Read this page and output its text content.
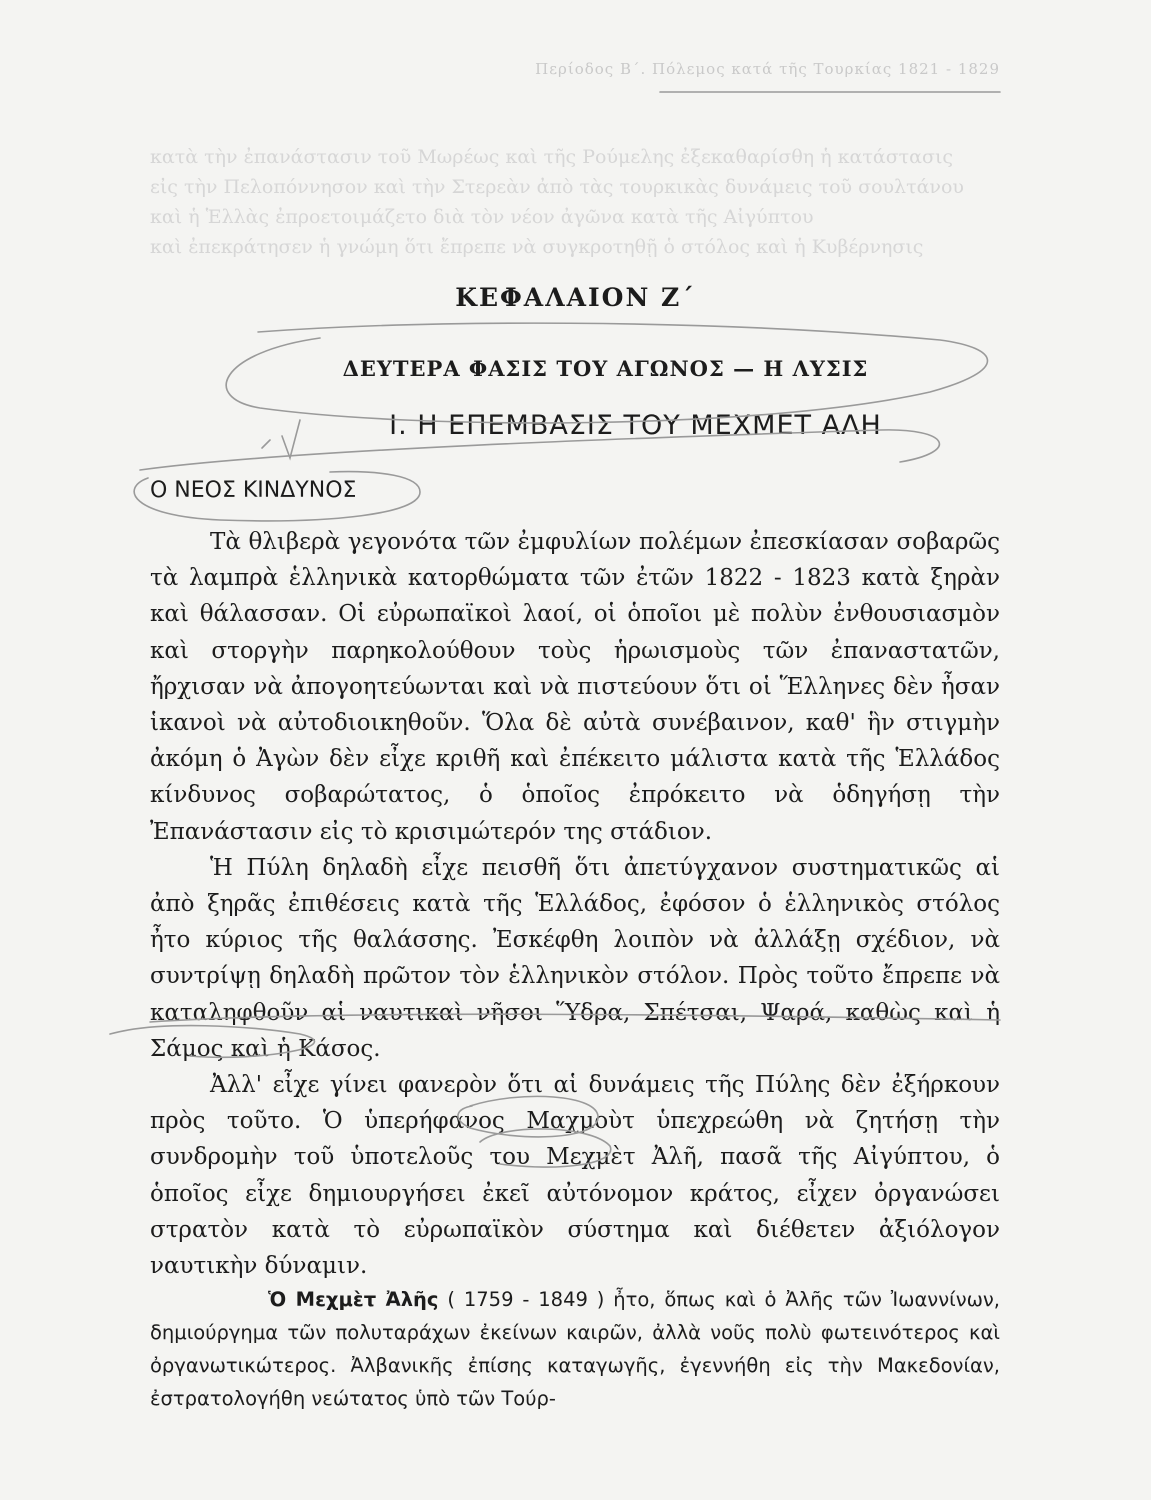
Περίοδος Β΄. Πόλεμος κατά τῆς Τουρκίας 1821 - 1829
κατὰ τὴν ἐπανάστασιν τοῦ Μωρέως καὶ τῆς Ρούμελης ἐξεκαθαρίσθη ἡ κατάστασις
εἰς τὴν Πελοπόννησον καὶ τὴν Στερεὰν ἀπὸ τὰς τουρκικὰς δυνάμεις τοῦ σουλτάνου
καὶ ἡ Ἑλλὰς ἐπροετοιμάζετο διὰ τὸν νέον ἀγῶνα κατὰ τῆς Αἰγύπτου
καὶ ἐπεκράτησεν ἡ γνώμη ὅτι ἔπρεπε νὰ συγκροτηθῇ ὁ στόλος καὶ ἡ Κυβέρνησις
ΚΕΦΑΛΑΙΟΝ Ζ΄
ΔΕΥΤΕΡΑ ΦΑΣΙΣ ΤΟΥ ΑΓΩΝΟΣ — Η ΛΥΣΙΣ
Ι. Η ΕΠΕΜΒΑΣΙΣ ΤΟΥ ΜΕΧΜΕΤ ΑΛΗ
Ο ΝΕΟΣ ΚΙΝΔΥΝΟΣ

Τὰ θλιβερὰ γεγονότα τῶν ἐμφυλίων πολέμων ἐπεσκίασαν σοβαρῶς τὰ λαμπρὰ ἑλληνικὰ κατορθώματα τῶν ἐτῶν 1822 - 1823 κατὰ ξηρὰν καὶ θάλασσαν. Οἱ εὐρωπαϊκοὶ λαοί, οἱ ὁποῖοι μὲ πολὺν ἐνθουσιασμὸν καὶ στοργὴν παρηκολούθουν τοὺς ἡρωισμοὺς τῶν ἐπαναστατῶν, ἤρχισαν νὰ ἀπογοητεύωνται καὶ νὰ πιστεύουν ὅτι οἱ Ἕλληνες δὲν ἦσαν ἱκανοὶ νὰ αὐτοδιοικηθοῦν. Ὅλα δὲ αὐτὰ συνέβαινον, καθ' ἣν στιγμὴν ἀκόμη ὁ Ἀγὼν δὲν εἶχε κριθῆ καὶ ἐπέκειτο μάλιστα κατὰ τῆς Ἑλλάδος κίνδυνος σοβαρώτατος, ὁ ὁποῖος ἐπρόκειτο νὰ ὁδηγήσῃ τὴν Ἐπανάστασιν εἰς τὸ κρισιμώτερόν της στάδιον.

Ἡ Πύλη δηλαδὴ εἶχε πεισθῆ ὅτι ἀπετύγχανον συστηματικῶς αἱ ἀπὸ ξηρᾶς ἐπιθέσεις κατὰ τῆς Ἑλλάδος, ἐφόσον ὁ ἑλληνικὸς στόλος ἦτο κύριος τῆς θαλάσσης. Ἐσκέφθη λοιπὸν νὰ ἀλλάξῃ σχέδιον, νὰ συντρίψῃ δηλαδὴ πρῶτον τὸν ἑλληνικὸν στόλον. Πρὸς τοῦτο ἔπρεπε νὰ καταληφθοῦν αἱ ναυτικαὶ νῆσοι Ὕδρα, Σπέτσαι, Ψαρά, καθὼς καὶ ἡ Σάμος καὶ ἡ Κάσος.

Ἀλλ' εἶχε γίνει φανερὸν ὅτι αἱ δυνάμεις τῆς Πύλης δὲν ἐξήρκουν πρὸς τοῦτο. Ὁ ὑπερήφανος Μαχμοὺτ ὑπεχρεώθη νὰ ζητήσῃ τὴν συνδρομὴν τοῦ ὑποτελοῦς του Μεχμὲτ Ἀλῆ, πασᾶ τῆς Αἰγύπτου, ὁ ὁποῖος εἶχε δημιουργήσει ἐκεῖ αὐτόνομον κράτος, εἶχεν ὀργανώσει στρατὸν κατὰ τὸ εὐρωπαϊκὸν σύστημα καὶ διέθετεν ἀξιόλογον ναυτικὴν δύναμιν.

Ὁ Μεχμὲτ Ἀλῆς ( 1759 - 1849 ) ἦτο, ὅπως καὶ ὁ Ἀλῆς τῶν Ἰωαννίνων, δημιούργημα τῶν πολυταράχων ἐκείνων καιρῶν, ἀλλὰ νοῦς πολὺ φωτεινότερος καὶ ὀργανωτικώτερος. Ἀλβανικῆς ἐπίσης καταγωγῆς, ἐγεννήθη εἰς τὴν Μακεδονίαν, ἐστρατολογήθη νεώτατος ὑπὸ τῶν Τούρ-
